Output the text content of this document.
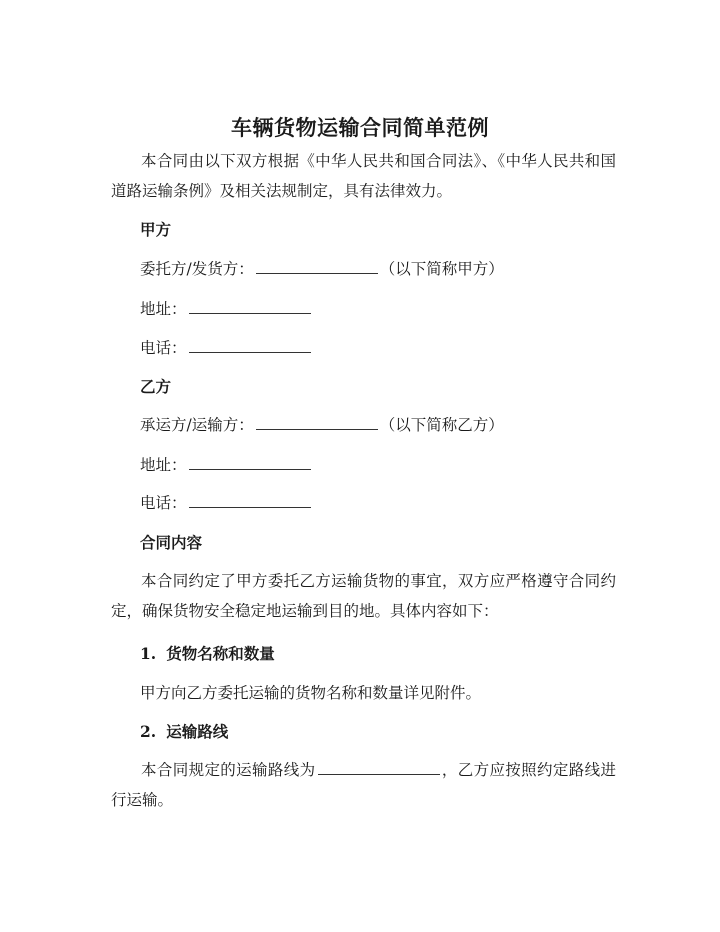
车辆货物运输合同简单范例

本合同由以下双方根据《中华人民共和国合同法》、《中华人民共和国道路运输条例》及相关法规制定，具有法律效力。

甲方
委托方/发货方：	（以下简称甲方）
地址：
电话：
乙方
承运方/运输方：	（以下简称乙方）
地址：
电话：
合同内容

本合同约定了甲方委托乙方运输货物的事宜，双方应严格遵守合同约定，确保货物安全稳定地运输到目的地。具体内容如下：

1. 货物名称和数量
甲方向乙方委托运输的货物名称和数量详见附件。
2. 运输路线

本合同规定的运输路线为	，乙方应按照约定路线进行运输。
